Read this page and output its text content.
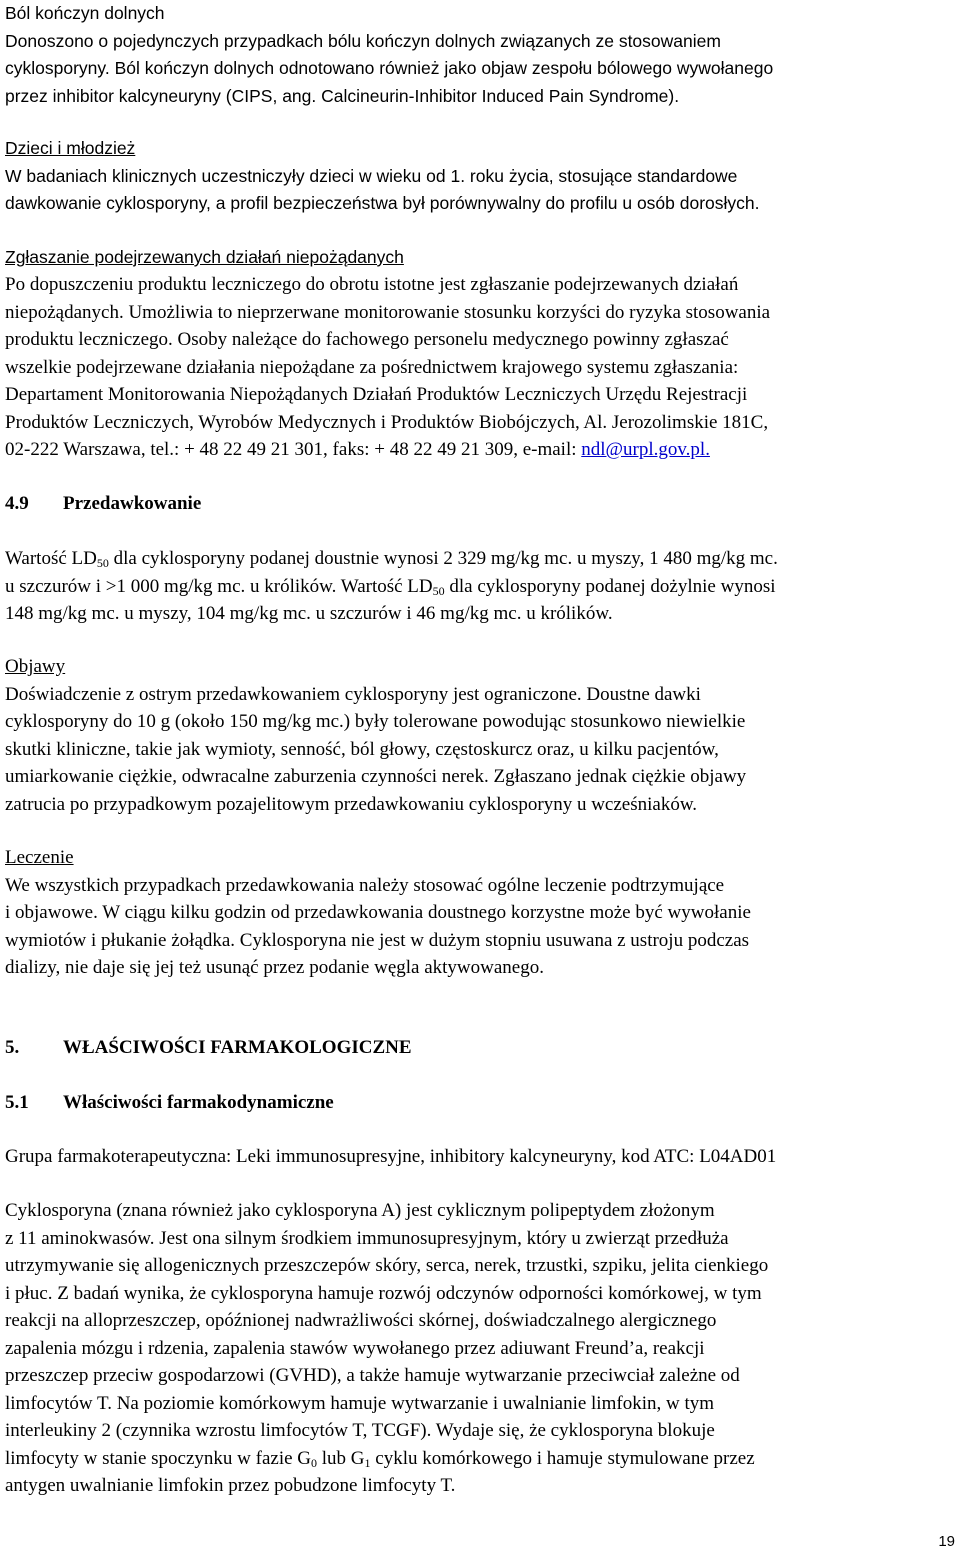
Ból kończyn dolnych
Donoszono o pojedynczych przypadkach bólu kończyn dolnych związanych ze stosowaniem
cyklosporyny. Ból kończyn dolnych odnotowano również jako objaw zespołu bólowego wywołanego
przez inhibitor kalcyneuryny (CIPS, ang. Calcineurin-Inhibitor Induced Pain Syndrome).
Dzieci i młodzież
W badaniach klinicznych uczestniczyły dzieci w wieku od 1. roku życia, stosujące standardowe
dawkowanie cyklosporyny, a profil bezpieczeństwa był porównywalny do profilu u osób dorosłych.
Zgłaszanie podejrzewanych działań niepożądanych
Po dopuszczeniu produktu leczniczego do obrotu istotne jest zgłaszanie podejrzewanych działań
niepożądanych. Umożliwia to nieprzerwane monitorowanie stosunku korzyści do ryzyka stosowania
produktu leczniczego. Osoby należące do fachowego personelu medycznego powinny zgłaszać
wszelkie podejrzewane działania niepożądane za pośrednictwem krajowego systemu zgłaszania:
Departament Monitorowania Niepożądanych Działań Produktów Leczniczych Urzędu Rejestracji
Produktów Leczniczych, Wyrobów Medycznych i Produktów Biobójczych, Al. Jerozolimskie 181C,
02-222 Warszawa, tel.: + 48 22 49 21 301, faks: + 48 22 49 21 309, e-mail: ndl@urpl.gov.pl.
4.9 Przedawkowanie
Wartość $LD_{50}$ dla cyklosporyny podanej doustnie wynosi 2 329 mg/kg mc. u myszy, 1 480 mg/kg mc.
u szczurów i >1 000 mg/kg mc. u królików. Wartość $LD_{50}$ dla cyklosporyny podanej dożylnie wynosi
148 mg/kg mc. u myszy, 104 mg/kg mc. u szczurów i 46 mg/kg mc. u królików.
Objawy
Doświadczenie z ostrym przedawkowaniem cyklosporyny jest ograniczone. Doustne dawki
cyklosporyny do 10 g (około 150 mg/kg mc.) były tolerowane powodując stosunkowo niewielkie
skutki kliniczne, takie jak wymioty, senność, ból głowy, częstoskurcz oraz, u kilku pacjentów,
umiarkowanie ciężkie, odwracalne zaburzenia czynności nerek. Zgłaszano jednak ciężkie objawy
zatrucia po przypadkowym pozajelitowym przedawkowaniu cyklosporyny u wcześniaków.
Leczenie
We wszystkich przypadkach przedawkowania należy stosować ogólne leczenie podtrzymujące
i objawowe. W ciągu kilku godzin od przedawkowania doustnego korzystne może być wywołanie
wymiotów i płukanie żołądka. Cyklosporyna nie jest w dużym stopniu usuwana z ustroju podczas
dializy, nie daje się jej też usunąć przez podanie węgla aktywowanego.
5. WŁAŚCIWOŚCI FARMAKOLOGICZNE
5.1 Właściwości farmakodynamiczne
Grupa farmakoterapeutyczna: Leki immunosupresyjne, inhibitory kalcyneuryny, kod ATC: L04AD01
Cyklosporyna (znana również jako cyklosporyna A) jest cyklicznym polipeptydem złożonym
z 11 aminokwasów. Jest ona silnym środkiem immunosupresyjnym, który u zwierząt przedłuża
utrzymywanie się allogenicznych przeszczepów skóry, serca, nerek, trzustki, szpiku, jelita cienkiego
i płuc. Z badań wynika, że cyklosporyna hamuje rozwój odczynów odporności komórkowej, w tym
reakcji na alloprzeszczep, opóźnionej nadwrażliwości skórnej, doświadczalnego alergicznego
zapalenia mózgu i rdzenia, zapalenia stawów wywołanego przez adiuwant Freund’a, reakcji
przeszczep przeciw gospodarzowi (GVHD), a także hamuje wytwarzanie przeciwciał zależne od
limfocytów T. Na poziomie komórkowym hamuje wytwarzanie i uwalnianie limfokin, w tym
interleukiny 2 (czynnika wzrostu limfocytów T, TCGF). Wydaje się, że cyklosporyna blokuje
limfocyty w stanie spoczynku w fazie $G_0$ lub $G_1$ cyklu komórkowego i hamuje stymulowane przez
antygen uwalnianie limfokin przez pobudzone limfocyty T.
19
